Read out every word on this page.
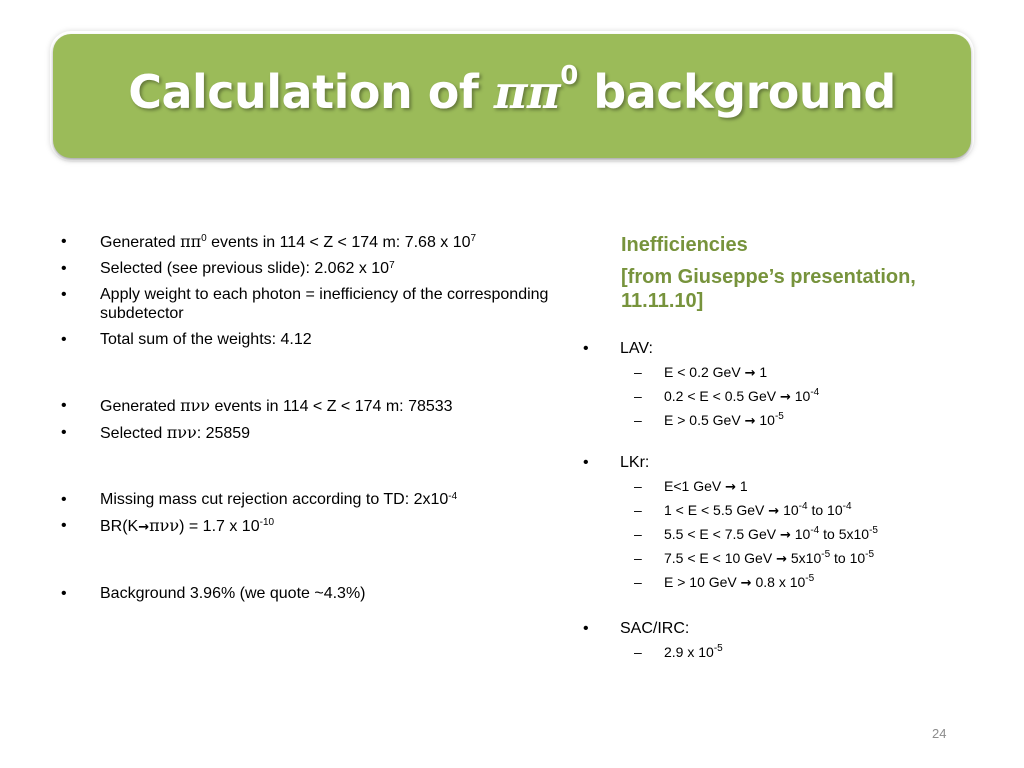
Calculation of $\pi\pi^0$ background
• Generated $\pi\pi^0$ events in 114 < Z < 174 m: 7.68 x $10^7$
• Selected (see previous slide): 2.062 x $10^7$
• Apply weight to each photon = inefficiency of the corresponding subdetector
• Total sum of the weights: 4.12
• Generated πνν events in 114 < Z < 174 m: 78533
• Selected πνν: 25859
• Missing mass cut rejection according to TD: $2x10^{-4}$
• BR(K→πνν) = 1.7 x $10^{-10}$
• Background 3.96% (we quote ~4.3%)

Inefficiencies

[from Giuseppe’s presentation, 11.11.10]

• LAV:
– E < 0.2 GeV → 1
– 0.2 < E < 0.5 GeV → $10^{-4}$
– E > 0.5 GeV → $10^{-5}$
• LKr:
– E<1 GeV → 1
– 1 < E < 5.5 GeV → $10^{-4}$ to $10^{-4}$
– 5.5 < E < 7.5 GeV → $10^{-4}$ to $5x10^{-5}$
– 7.5 < E < 10 GeV → $5x10^{-5}$ to $10^{-5}$
– E > 10 GeV → 0.8 x $10^{-5}$
• SAC/IRC:
– 2.9 x $10^{-5}$
24
